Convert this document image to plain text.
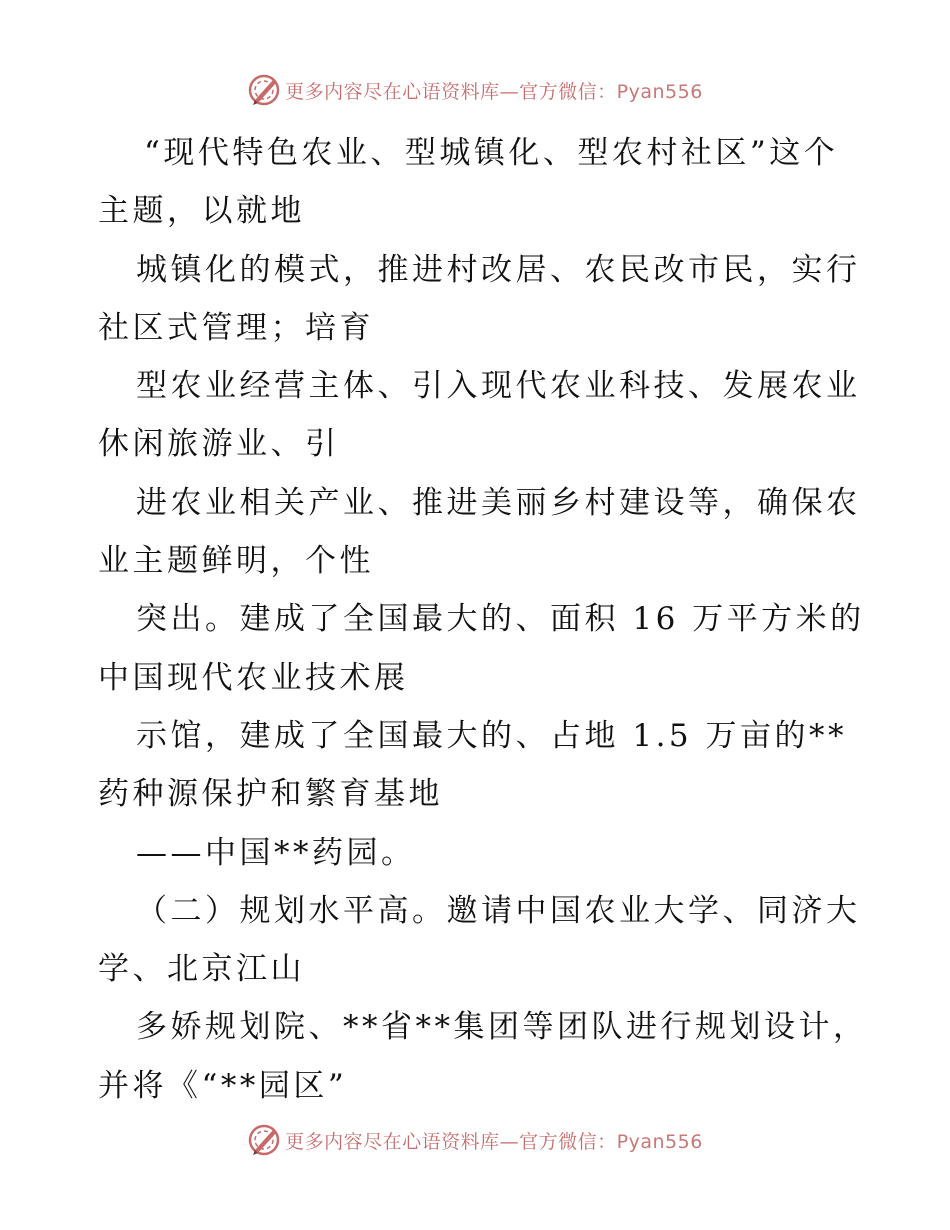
更多内容尽在心语资料库—官方微信：Pyan556
“现代特色农业、型城镇化、型农村社区”这个
主题，以就地
城镇化的模式，推进村改居、农民改市民，实行
社区式管理；培育
型农业经营主体、引入现代农业科技、发展农业
休闲旅游业、引
进农业相关产业、推进美丽乡村建设等，确保农
业主题鲜明，个性
突出。建成了全国最大的、面积 16 万平方米的
中国现代农业技术展
示馆，建成了全国最大的、占地 1.5 万亩的**
药种源保护和繁育基地
——中国**药园。
（二）规划水平高。邀请中国农业大学、同济大
学、北京江山
多娇规划院、**省**集团等团队进行规划设计，
并将《“**园区”
更多内容尽在心语资料库—官方微信：Pyan556
